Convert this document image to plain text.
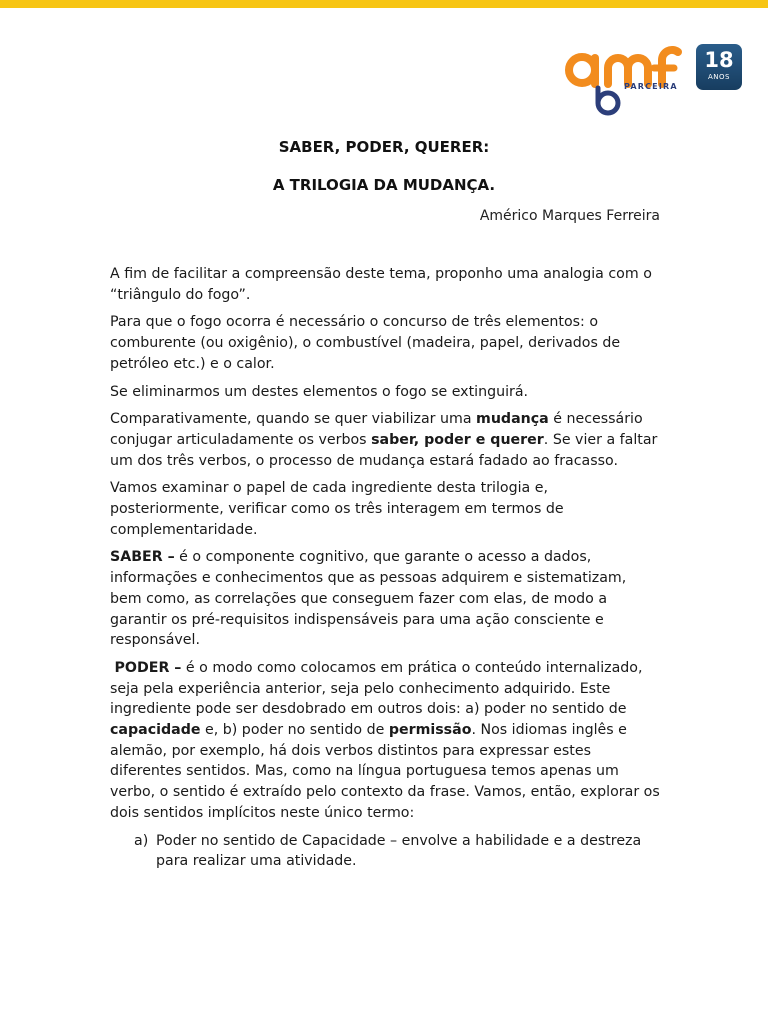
PARCEIRA
18
ANOS
SABER, PODER, QUERER:
A TRILOGIA DA MUDANÇA.
Américo Marques Ferreira

A fim de facilitar a compreensão deste tema, proponho uma analogia com o “triângulo do fogo”.

Para que o fogo ocorra é necessário o concurso de três elementos: o comburente (ou oxigênio), o combustível (madeira, papel, derivados de petróleo etc.) e o calor.

Se eliminarmos um destes elementos o fogo se extinguirá.

Comparativamente, quando se quer viabilizar uma mudança é necessário conjugar articuladamente os verbos saber, poder e querer. Se vier a faltar um dos três verbos, o processo de mudança estará fadado ao fracasso.

Vamos examinar o papel de cada ingrediente desta trilogia e, posteriormente, verificar como os três interagem em termos de complementaridade.

SABER – é o componente cognitivo, que garante o acesso a dados, informações e conhecimentos que as pessoas adquirem e sistematizam, bem como, as correlações que conseguem fazer com elas, de modo a garantir os pré-requisitos indispensáveis para uma ação consciente e responsável.

PODER – é o modo como colocamos em prática o conteúdo internalizado, seja pela experiência anterior, seja pelo conhecimento adquirido. Este ingrediente pode ser desdobrado em outros dois: a) poder no sentido de capacidade e, b) poder no sentido de permissão. Nos idiomas inglês e alemão, por exemplo, há dois verbos distintos para expressar estes diferentes sentidos. Mas, como na língua portuguesa temos apenas um verbo, o sentido é extraído pelo contexto da frase. Vamos, então, explorar os dois sentidos implícitos neste único termo:

a) Poder no sentido de Capacidade – envolve a habilidade e a destreza para realizar uma atividade.
